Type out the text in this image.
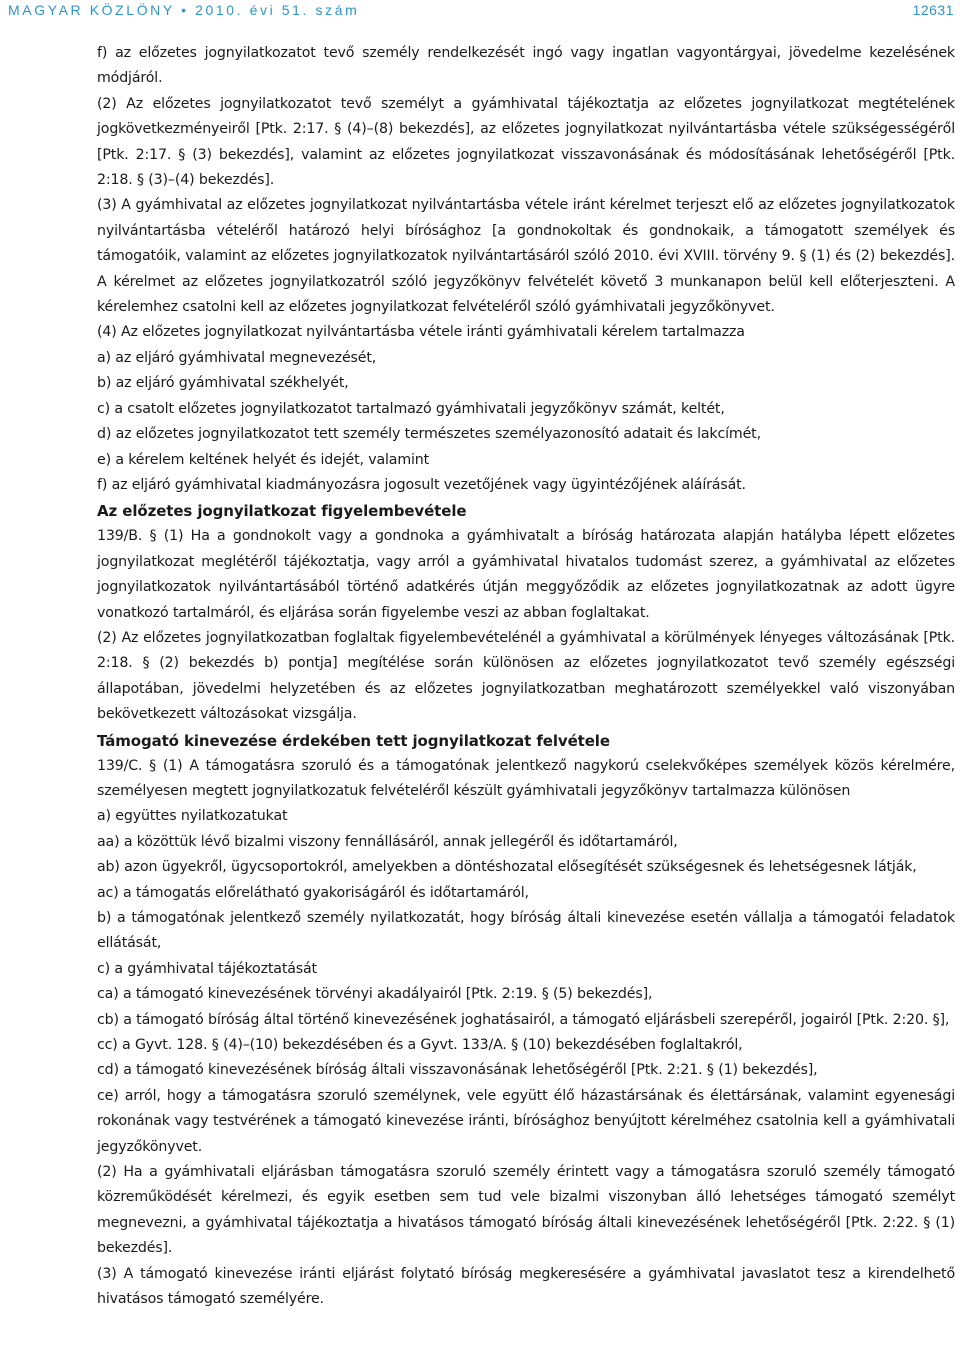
MAGYAR KÖZLÖNY • 2010. évi 51. szám	12631

f) az előzetes jognyilatkozatot tevő személy rendelkezését ingó vagy ingatlan vagyontárgyai, jövedelme kezelésének módjáról.

(2) Az előzetes jognyilatkozatot tevő személyt a gyámhivatal tájékoztatja az előzetes jognyilatkozat megtételének jogkövetkezményeiről [Ptk. 2:17. § (4)–(8) bekezdés], az előzetes jognyilatkozat nyilvántartásba vétele szükségességéről [Ptk. 2:17. § (3) bekezdés], valamint az előzetes jognyilatkozat visszavonásának és módosításának lehetőségéről [Ptk. 2:18. § (3)–(4) bekezdés].

(3) A gyámhivatal az előzetes jognyilatkozat nyilvántartásba vétele iránt kérelmet terjeszt elő az előzetes jognyilatkozatok nyilvántartásba vételéről határozó helyi bírósághoz [a gondnokoltak és gondnokaik, a támogatott személyek és támogatóik, valamint az előzetes jognyilatkozatok nyilvántartásáról szóló 2010. évi XVIII. törvény 9. § (1) és (2) bekezdés]. A kérelmet az előzetes jognyilatkozatról szóló jegyzőkönyv felvételét követő 3 munkanapon belül kell előterjeszteni. A kérelemhez csatolni kell az előzetes jognyilatkozat felvételéről szóló gyámhivatali jegyzőkönyvet.

(4) Az előzetes jognyilatkozat nyilvántartásba vétele iránti gyámhivatali kérelem tartalmazza

a) az eljáró gyámhivatal megnevezését,

b) az eljáró gyámhivatal székhelyét,

c) a csatolt előzetes jognyilatkozatot tartalmazó gyámhivatali jegyzőkönyv számát, keltét,

d) az előzetes jognyilatkozatot tett személy természetes személyazonosító adatait és lakcímét,

e) a kérelem keltének helyét és idejét, valamint

f) az eljáró gyámhivatal kiadmányozásra jogosult vezetőjének vagy ügyintézőjének aláírását.

Az előzetes jognyilatkozat figyelembevétele

139/B. § (1) Ha a gondnokolt vagy a gondnoka a gyámhivatalt a bíróság határozata alapján hatályba lépett előzetes jognyilatkozat meglétéről tájékoztatja, vagy arról a gyámhivatal hivatalos tudomást szerez, a gyámhivatal az előzetes jognyilatkozatok nyilvántartásából történő adatkérés útján meggyőződik az előzetes jognyilatkozatnak az adott ügyre vonatkozó tartalmáról, és eljárása során figyelembe veszi az abban foglaltakat.

(2) Az előzetes jognyilatkozatban foglaltak figyelembevételénél a gyámhivatal a körülmények lényeges változásának [Ptk. 2:18. § (2) bekezdés b) pontja] megítélése során különösen az előzetes jognyilatkozatot tevő személy egészségi állapotában, jövedelmi helyzetében és az előzetes jognyilatkozatban meghatározott személyekkel való viszonyában bekövetkezett változásokat vizsgálja.

Támogató kinevezése érdekében tett jognyilatkozat felvétele

139/C. § (1) A támogatásra szoruló és a támogatónak jelentkező nagykorú cselekvőképes személyek közös kérelmére, személyesen megtett jognyilatkozatuk felvételéről készült gyámhivatali jegyzőkönyv tartalmazza különösen

a) együttes nyilatkozatukat

aa) a közöttük lévő bizalmi viszony fennállásáról, annak jellegéről és időtartamáról,

ab) azon ügyekről, ügycsoportokról, amelyekben a döntéshozatal elősegítését szükségesnek és lehetségesnek látják,

ac) a támogatás előrelátható gyakoriságáról és időtartamáról,

b) a támogatónak jelentkező személy nyilatkozatát, hogy bíróság általi kinevezése esetén vállalja a támogatói feladatok ellátását,

c) a gyámhivatal tájékoztatását

ca) a támogató kinevezésének törvényi akadályairól [Ptk. 2:19. § (5) bekezdés],

cb) a támogató bíróság által történő kinevezésének joghatásairól, a támogató eljárásbeli szerepéről, jogairól [Ptk. 2:20. §],

cc) a Gyvt. 128. § (4)–(10) bekezdésében és a Gyvt. 133/A. § (10) bekezdésében foglaltakról,

cd) a támogató kinevezésének bíróság általi visszavonásának lehetőségéről [Ptk. 2:21. § (1) bekezdés],

ce) arról, hogy a támogatásra szoruló személynek, vele együtt élő házastársának és élettársának, valamint egyenesági rokonának vagy testvérének a támogató kinevezése iránti, bírósághoz benyújtott kérelméhez csatolnia kell a gyámhivatali jegyzőkönyvet.

(2) Ha a gyámhivatali eljárásban támogatásra szoruló személy érintett vagy a támogatásra szoruló személy támogató közreműködését kérelmezi, és egyik esetben sem tud vele bizalmi viszonyban álló lehetséges támogató személyt megnevezni, a gyámhivatal tájékoztatja a hivatásos támogató bíróság általi kinevezésének lehetőségéről [Ptk. 2:22. § (1) bekezdés].

(3) A támogató kinevezése iránti eljárást folytató bíróság megkeresésére a gyámhivatal javaslatot tesz a kirendelhető hivatásos támogató személyére.
